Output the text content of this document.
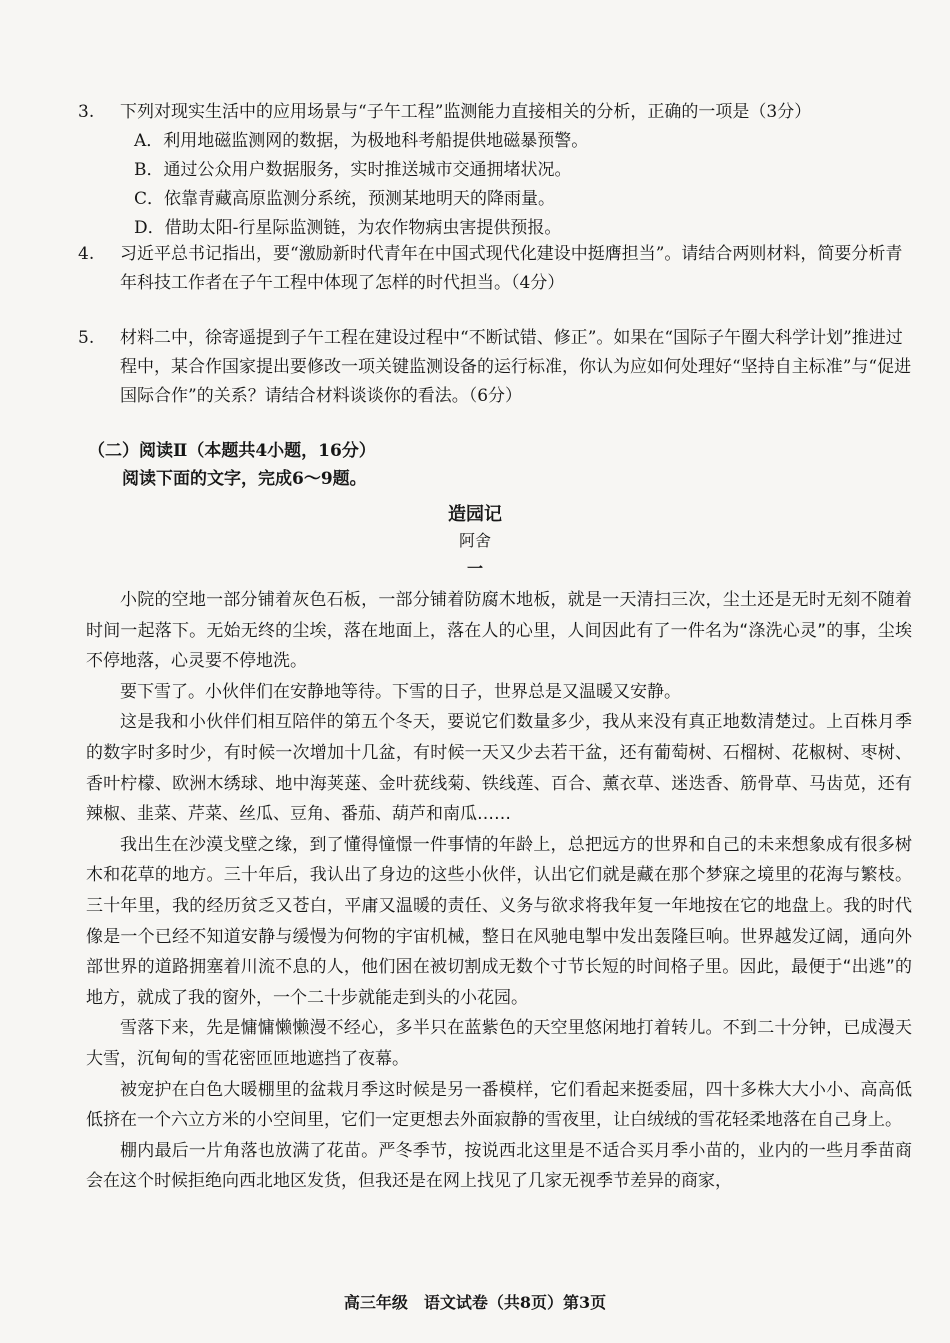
3.	下列对现实生活中的应用场景与“子午工程”监测能力直接相关的分析，正确的一项是（3分）
A．利用地磁监测网的数据，为极地科考船提供地磁暴预警。
B．通过公众用户数据服务，实时推送城市交通拥堵状况。
C．依靠青藏高原监测分系统，预测某地明天的降雨量。
D．借助太阳-行星际监测链，为农作物病虫害提供预报。
4.	习近平总书记指出，要“激励新时代青年在中国式现代化建设中挺膺担当”。请结合两则材料，简要分析青年科技工作者在子午工程中体现了怎样的时代担当。（4分）
5.	材料二中，徐寄遥提到子午工程在建设过程中“不断试错、修正”。如果在“国际子午圈大科学计划”推进过程中，某合作国家提出要修改一项关键监测设备的运行标准，你认为应如何处理好“坚持自主标准”与“促进国际合作”的关系？请结合材料谈谈你的看法。（6分）
（二）阅读Ⅱ（本题共4小题，16分）
阅读下面的文字，完成6～9题。
造园记
阿舍
一

小院的空地一部分铺着灰色石板，一部分铺着防腐木地板，就是一天清扫三次，尘土还是无时无刻不随着时间一起落下。无始无终的尘埃，落在地面上，落在人的心里，人间因此有了一件名为“涤洗心灵”的事，尘埃不停地落，心灵要不停地洗。

要下雪了。小伙伴们在安静地等待。下雪的日子，世界总是又温暖又安静。

这是我和小伙伴们相互陪伴的第五个冬天，要说它们数量多少，我从来没有真正地数清楚过。上百株月季的数字时多时少，有时候一次增加十几盆，有时候一天又少去若干盆，还有葡萄树、石榴树、花椒树、枣树、香叶柠檬、欧洲木绣球、地中海荚蒾、金叶莸线菊、铁线莲、百合、薰衣草、迷迭香、筋骨草、马齿苋，还有辣椒、韭菜、芹菜、丝瓜、豆角、番茄、葫芦和南瓜……

我出生在沙漠戈壁之缘，到了懂得憧憬一件事情的年龄上，总把远方的世界和自己的未来想象成有很多树木和花草的地方。三十年后，我认出了身边的这些小伙伴，认出它们就是藏在那个梦寐之境里的花海与繁枝。三十年里，我的经历贫乏又苍白，平庸又温暖的责任、义务与欲求将我年复一年地按在它的地盘上。我的时代像是一个已经不知道安静与缓慢为何物的宇宙机械，整日在风驰电掣中发出轰隆巨响。世界越发辽阔，通向外部世界的道路拥塞着川流不息的人，他们困在被切割成无数个寸节长短的时间格子里。因此，最便于“出逃”的地方，就成了我的窗外，一个二十步就能走到头的小花园。

雪落下来，先是慵慵懒懒漫不经心，多半只在蓝紫色的天空里悠闲地打着转儿。不到二十分钟，已成漫天大雪，沉甸甸的雪花密匝匝地遮挡了夜幕。

被宠护在白色大暖棚里的盆栽月季这时候是另一番模样，它们看起来挺委屈，四十多株大大小小、高高低低挤在一个六立方米的小空间里，它们一定更想去外面寂静的雪夜里，让白绒绒的雪花轻柔地落在自己身上。

棚内最后一片角落也放满了花苗。严冬季节，按说西北这里是不适合买月季小苗的，业内的一些月季苗商会在这个时候拒绝向西北地区发货，但我还是在网上找见了几家无视季节差异的商家，

高三年级　语文试卷（共8页）第3页
